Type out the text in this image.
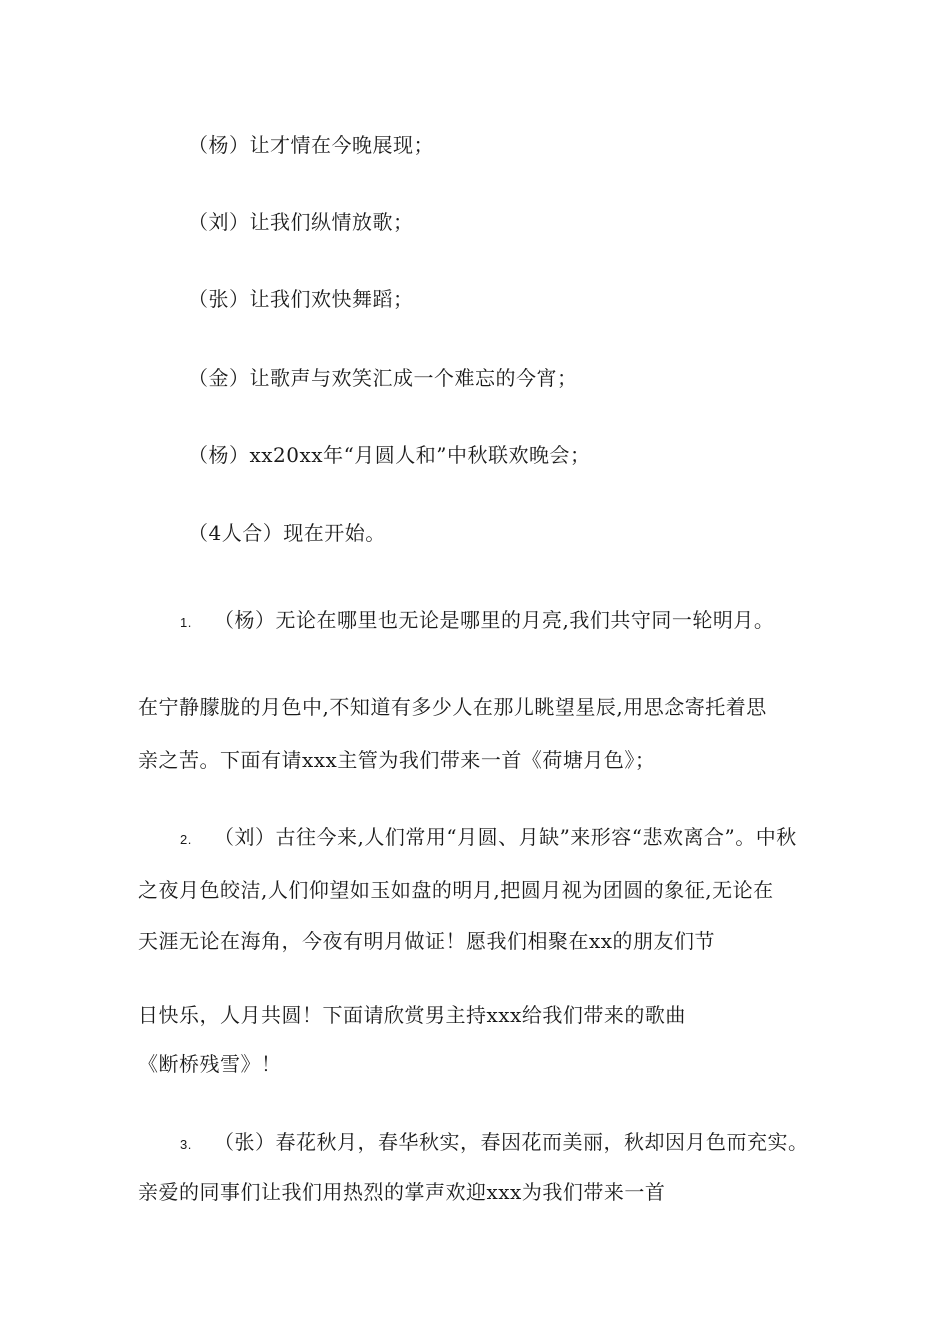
（杨）让才情在今晚展现；
（刘）让我们纵情放歌；
（张）让我们欢快舞蹈；
（金）让歌声与欢笑汇成一个难忘的今宵；
（杨）xx20xx年“月圆人和”中秋联欢晚会；
（4人合）现在开始。
1. （杨）无论在哪里也无论是哪里的月亮,我们共守同一轮明月。
在宁静朦胧的月色中,不知道有多少人在那儿眺望星辰,用思念寄托着思
亲之苦。下面有请xxx主管为我们带来一首《荷塘月色》；
2. （刘）古往今来,人们常用“月圆、月缺”来形容“悲欢离合”。中秋
之夜月色皎洁,人们仰望如玉如盘的明月,把圆月视为团圆的象征,无论在
天涯无论在海角，今夜有明月做证！愿我们相聚在xx的朋友们节
日快乐，人月共圆！下面请欣赏男主持xxx给我们带来的歌曲
《断桥残雪》！
3. （张）春花秋月，春华秋实，春因花而美丽，秋却因月色而充实。
亲爱的同事们让我们用热烈的掌声欢迎xxx为我们带来一首
